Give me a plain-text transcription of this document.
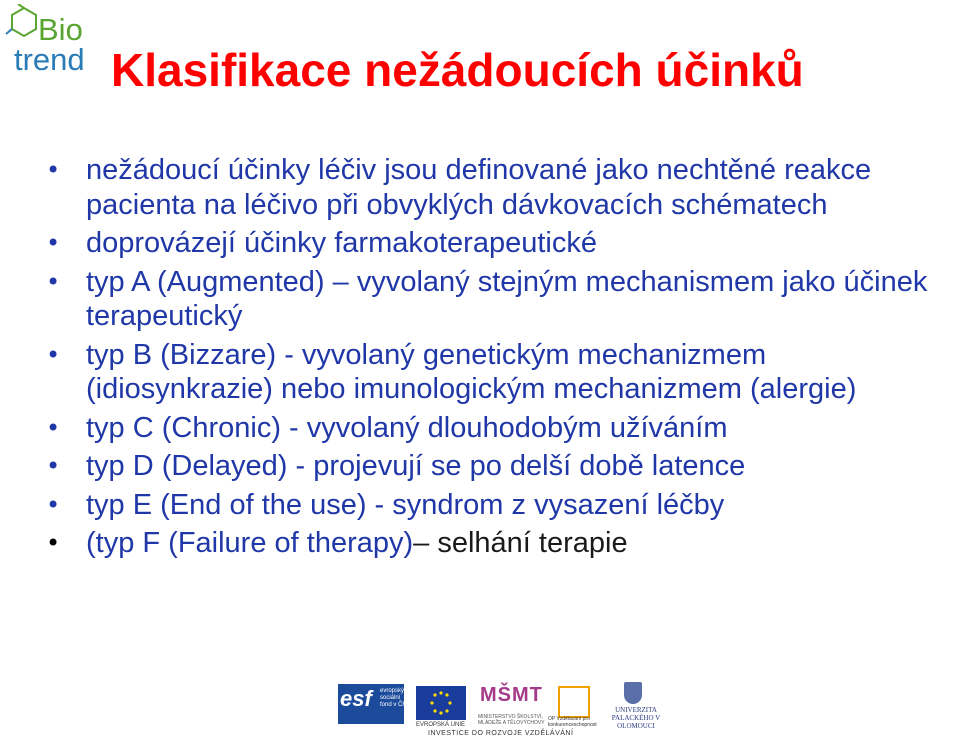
Bio
trend Klasifikace nežádoucích účinků
• nežádoucí účinky léčiv jsou definované jako nechtěné reakce pacienta na léčivo při obvyklých dávkovacích schématech
• doprovázejí účinky farmakoterapeutické
• typ A (Augmented) – vyvolaný stejným mechanismem jako účinek terapeutický
• typ B (Bizzare) - vyvolaný genetickým mechanizmem (idiosynkrazie) nebo imunologickým mechanizmem (alergie)
• typ C (Chronic) - vyvolaný dlouhodobým užíváním
• typ D (Delayed) - projevují se po delší době latence
• typ E (End of the use) - syndrom z vysazení léčby
• (typ F (Failure of therapy)– selhání terapie
esf evropský sociální fond v ČR
EVROPSKÁ UNIE
MŠMT
MINISTERSTVO ŠKOLSTVÍ, MLÁDEŽE A TĚLOVÝCHOVY
OP Vzdělávání pro konkurenceschopnost
UNIVERZITA PALACKÉHO V OLOMOUCI
INVESTICE DO ROZVOJE VZDĚLÁVÁNÍ
